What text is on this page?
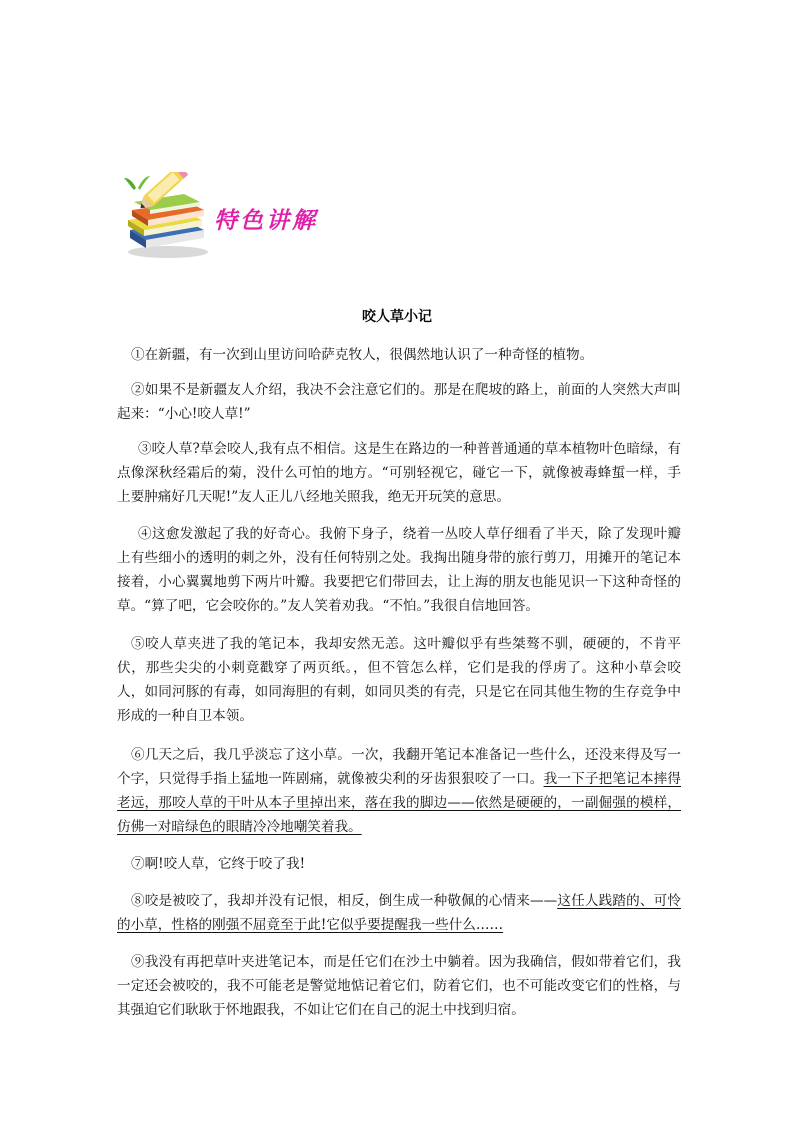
特色讲解
咬人草小记

①在新疆，有一次到山里访问哈萨克牧人，很偶然地认识了一种奇怪的植物。

②如果不是新疆友人介绍，我决不会注意它们的。那是在爬坡的路上，前面的人突然大声叫起来：“小心!咬人草!”

③咬人草?草会咬人,我有点不相信。这是生在路边的一种普普通通的草本植物叶色暗绿，有点像深秋经霜后的菊，没什么可怕的地方。“可别轻视它，碰它一下，就像被毒蜂蜇一样，手上要肿痛好几天呢!”友人正儿八经地关照我，绝无开玩笑的意思。

④这愈发激起了我的好奇心。我俯下身子，绕着一丛咬人草仔细看了半天，除了发现叶瓣上有些细小的透明的刺之外，没有任何特别之处。我掏出随身带的旅行剪刀，用摊开的笔记本接着，小心翼翼地剪下两片叶瓣。我要把它们带回去，让上海的朋友也能见识一下这种奇怪的草。“算了吧，它会咬你的。”友人笑着劝我。“不怕。”我很自信地回答。

⑤咬人草夹进了我的笔记本，我却安然无恙。这叶瓣似乎有些桀骜不驯，硬硬的，不肯平伏，那些尖尖的小刺竟戳穿了两页纸。，但不管怎么样，它们是我的俘虏了。这种小草会咬人，如同河豚的有毒，如同海胆的有刺，如同贝类的有壳，只是它在同其他生物的生存竞争中形成的一种自卫本领。

⑥几天之后，我几乎淡忘了这小草。一次，我翻开笔记本准备记一些什么，还没来得及写一个字，只觉得手指上猛地一阵剧痛，就像被尖利的牙齿狠狠咬了一口。我一下子把笔记本摔得老远，那咬人草的干叶从本子里掉出来，落在我的脚边——依然是硬硬的，一副倔强的模样，仿佛一对暗绿色的眼睛冷冷地嘲笑着我。

⑦啊!咬人草，它终于咬了我!

⑧咬是被咬了，我却并没有记恨，相反，倒生成一种敬佩的心情来——这任人践踏的、可怜的小草，性格的刚强不屈竟至于此!它似乎要提醒我一些什么……

⑨我没有再把草叶夹进笔记本，而是任它们在沙土中躺着。因为我确信，假如带着它们，我一定还会被咬的，我不可能老是警觉地惦记着它们，防着它们，也不可能改变它们的性格，与其强迫它们耿耿于怀地跟我，不如让它们在自己的泥土中找到归宿。
